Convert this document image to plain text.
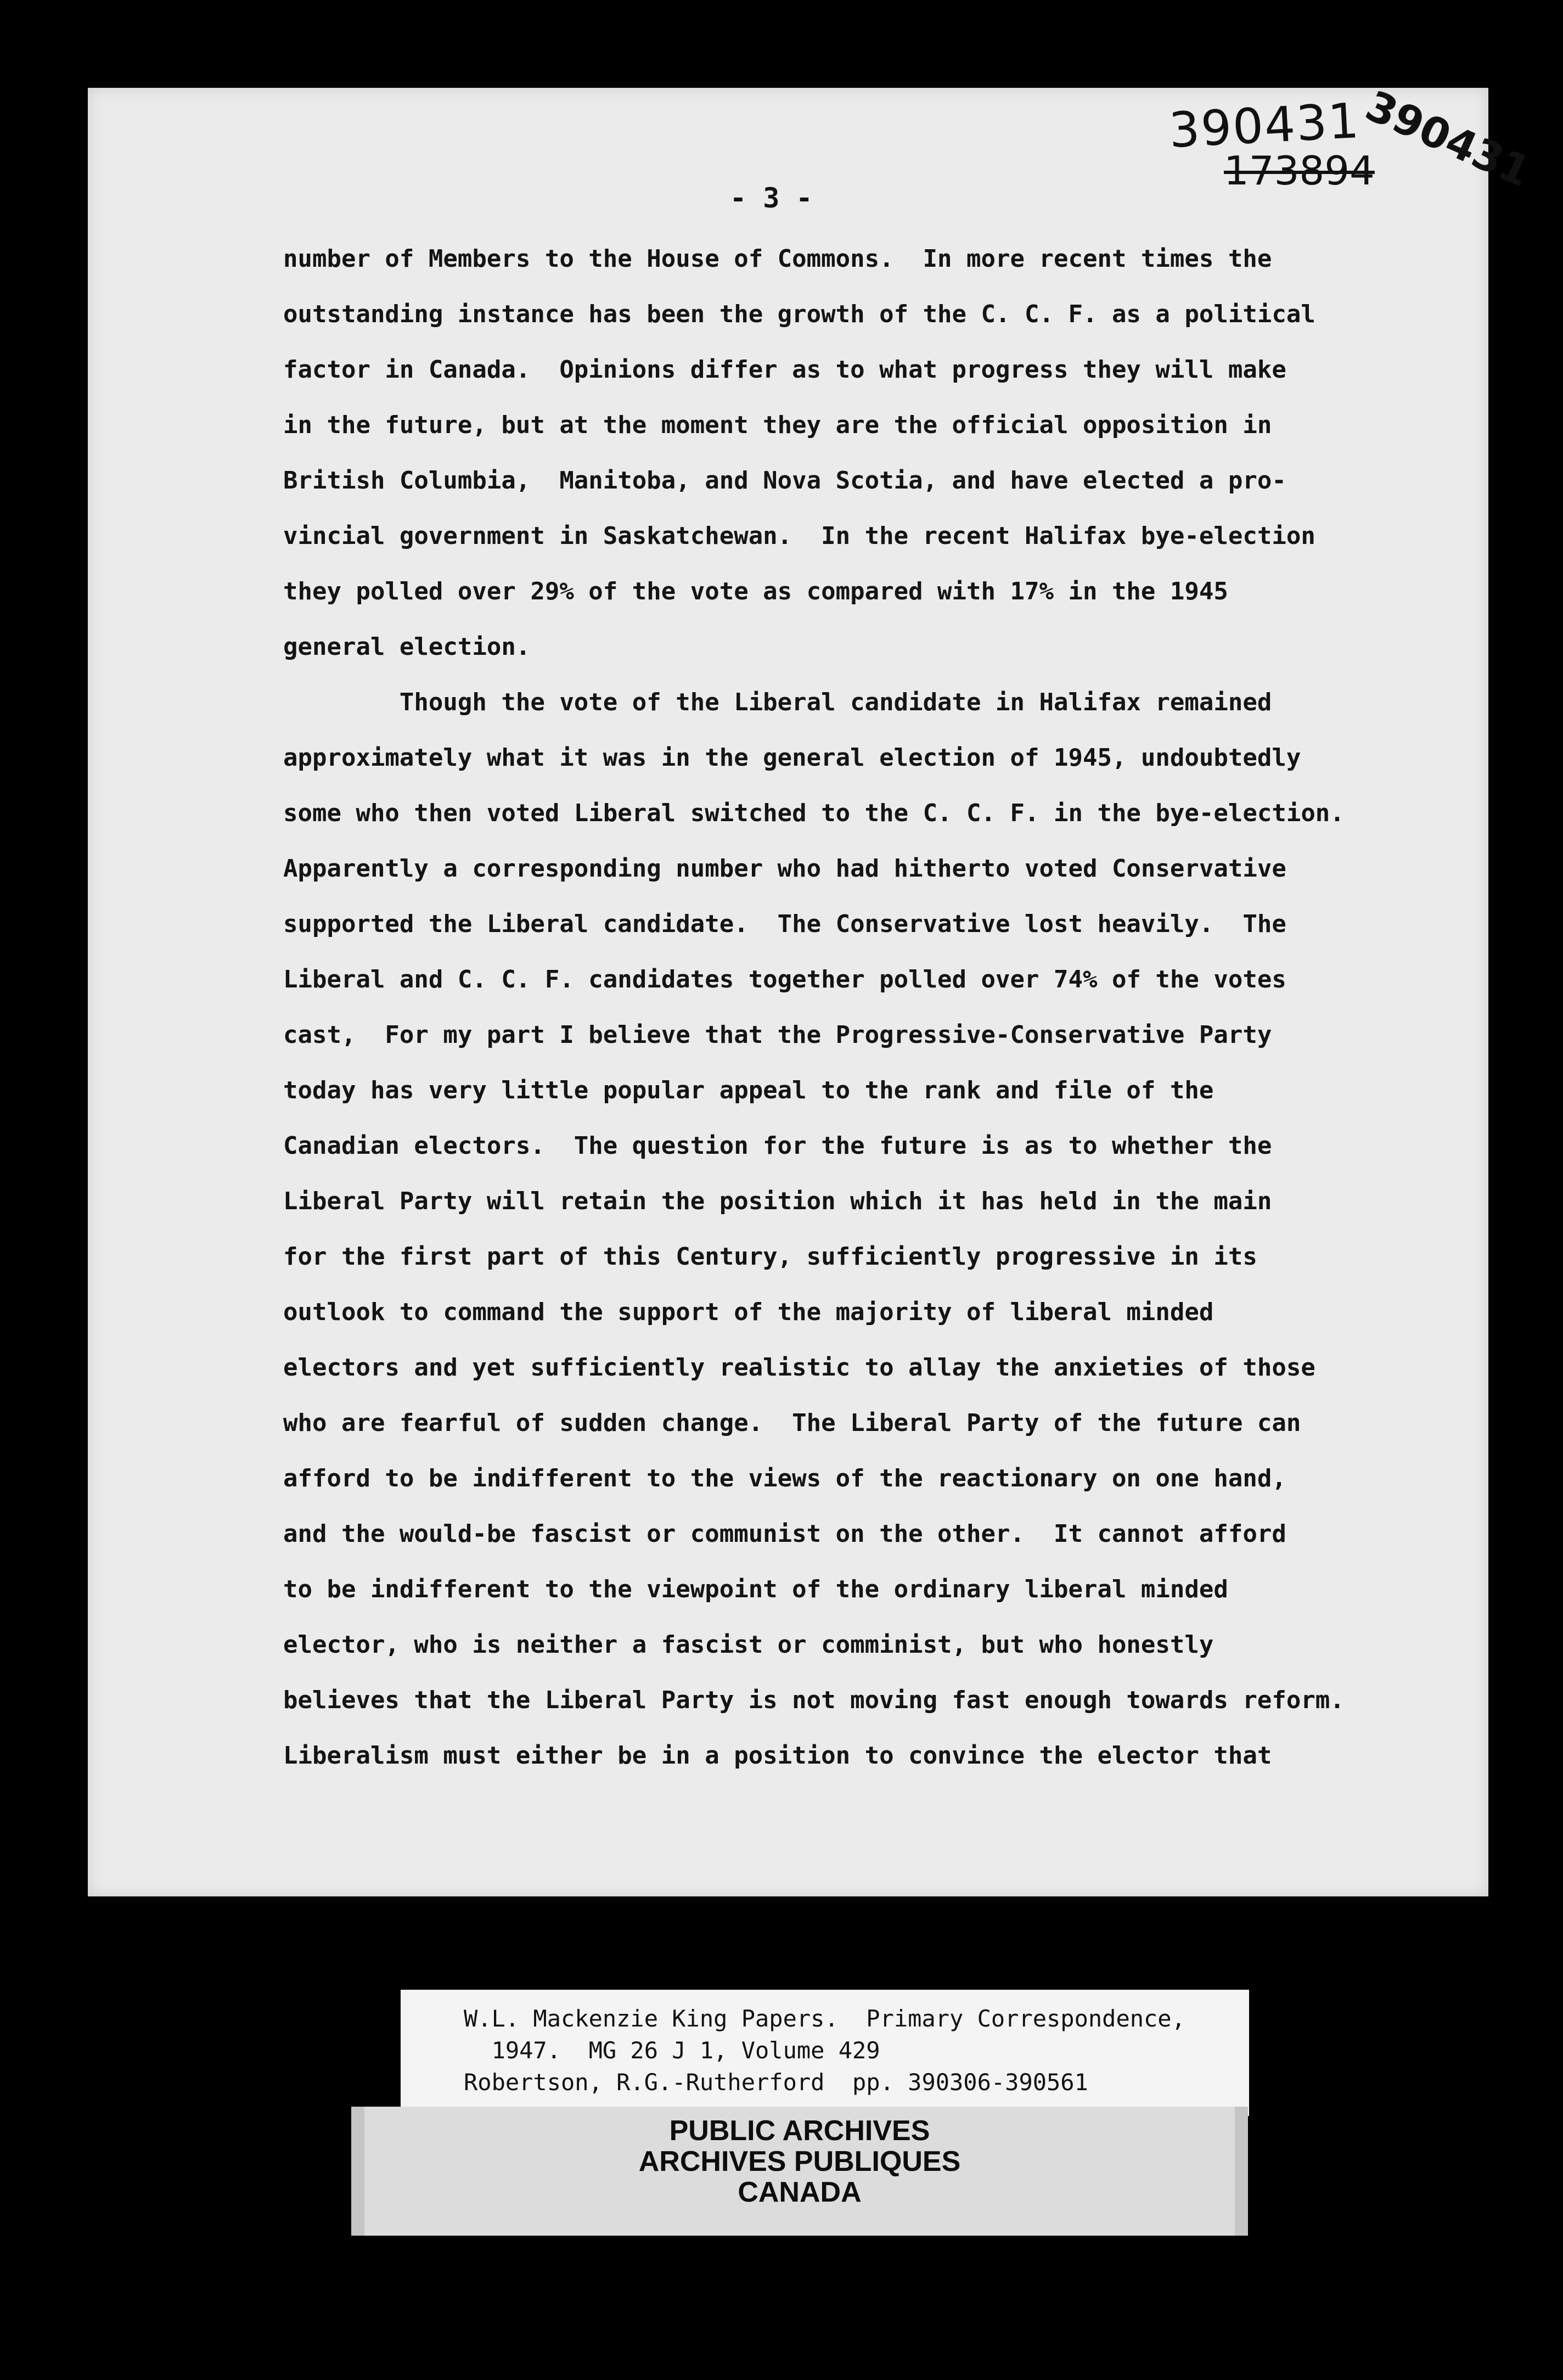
390431
390431
173894
- 3 -

number of Members to the House of Commons.  In more recent times the

outstanding instance has been the growth of the C. C. F. as a political

factor in Canada.  Opinions differ as to what progress they will make

in the future, but at the moment they are the official opposition in

British Columbia,  Manitoba, and Nova Scotia, and have elected a pro-

vincial government in Saskatchewan.  In the recent Halifax bye-election

they polled over 29% of the vote as compared with 17% in the 1945

general election.

Though the vote of the Liberal candidate in Halifax remained

approximately what it was in the general election of 1945, undoubtedly

some who then voted Liberal switched to the C. C. F. in the bye-election.

Apparently a corresponding number who had hitherto voted Conservative

supported the Liberal candidate.  The Conservative lost heavily.  The

Liberal and C. C. F. candidates together polled over 74% of the votes

cast,  For my part I believe that the Progressive-Conservative Party

today has very little popular appeal to the rank and file of the

Canadian electors.  The question for the future is as to whether the

Liberal Party will retain the position which it has held in the main

for the first part of this Century, sufficiently progressive in its

outlook to command the support of the majority of liberal minded

electors and yet sufficiently realistic to allay the anxieties of those

who are fearful of sudden change.  The Liberal Party of the future can

afford to be indifferent to the views of the reactionary on one hand,

and the would-be fascist or communist on the other.  It cannot afford

to be indifferent to the viewpoint of the ordinary liberal minded

elector, who is neither a fascist or comminist, but who honestly

believes that the Liberal Party is not moving fast enough towards reform.

Liberalism must either be in a position to convince the elector that

W.L. Mackenzie King Papers.  Primary Correspondence,

1947.  MG 26 J 1, Volume 429

Robertson, R.G.-Rutherford  pp. 390306-390561

PUBLIC ARCHIVES

ARCHIVES PUBLIQUES

CANADA
